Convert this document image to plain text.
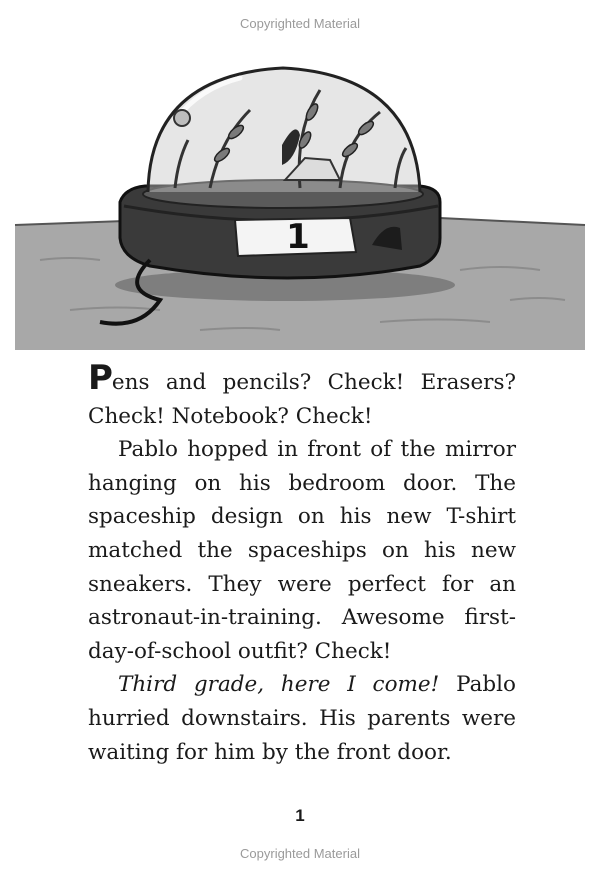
Copyrighted Material
1

Pens and pencils? Check! Erasers? Check! Notebook? Check!

Pablo hopped in front of the mirror hanging on his bedroom door. The spaceship design on his new T-shirt matched the spaceships on his new sneakers. They were perfect for an astronaut-in-training. Awesome first-day-of-school outfit? Check!

Third grade, here I come! Pablo hurried downstairs. His parents were waiting for him by the front door.

1
Copyrighted Material
